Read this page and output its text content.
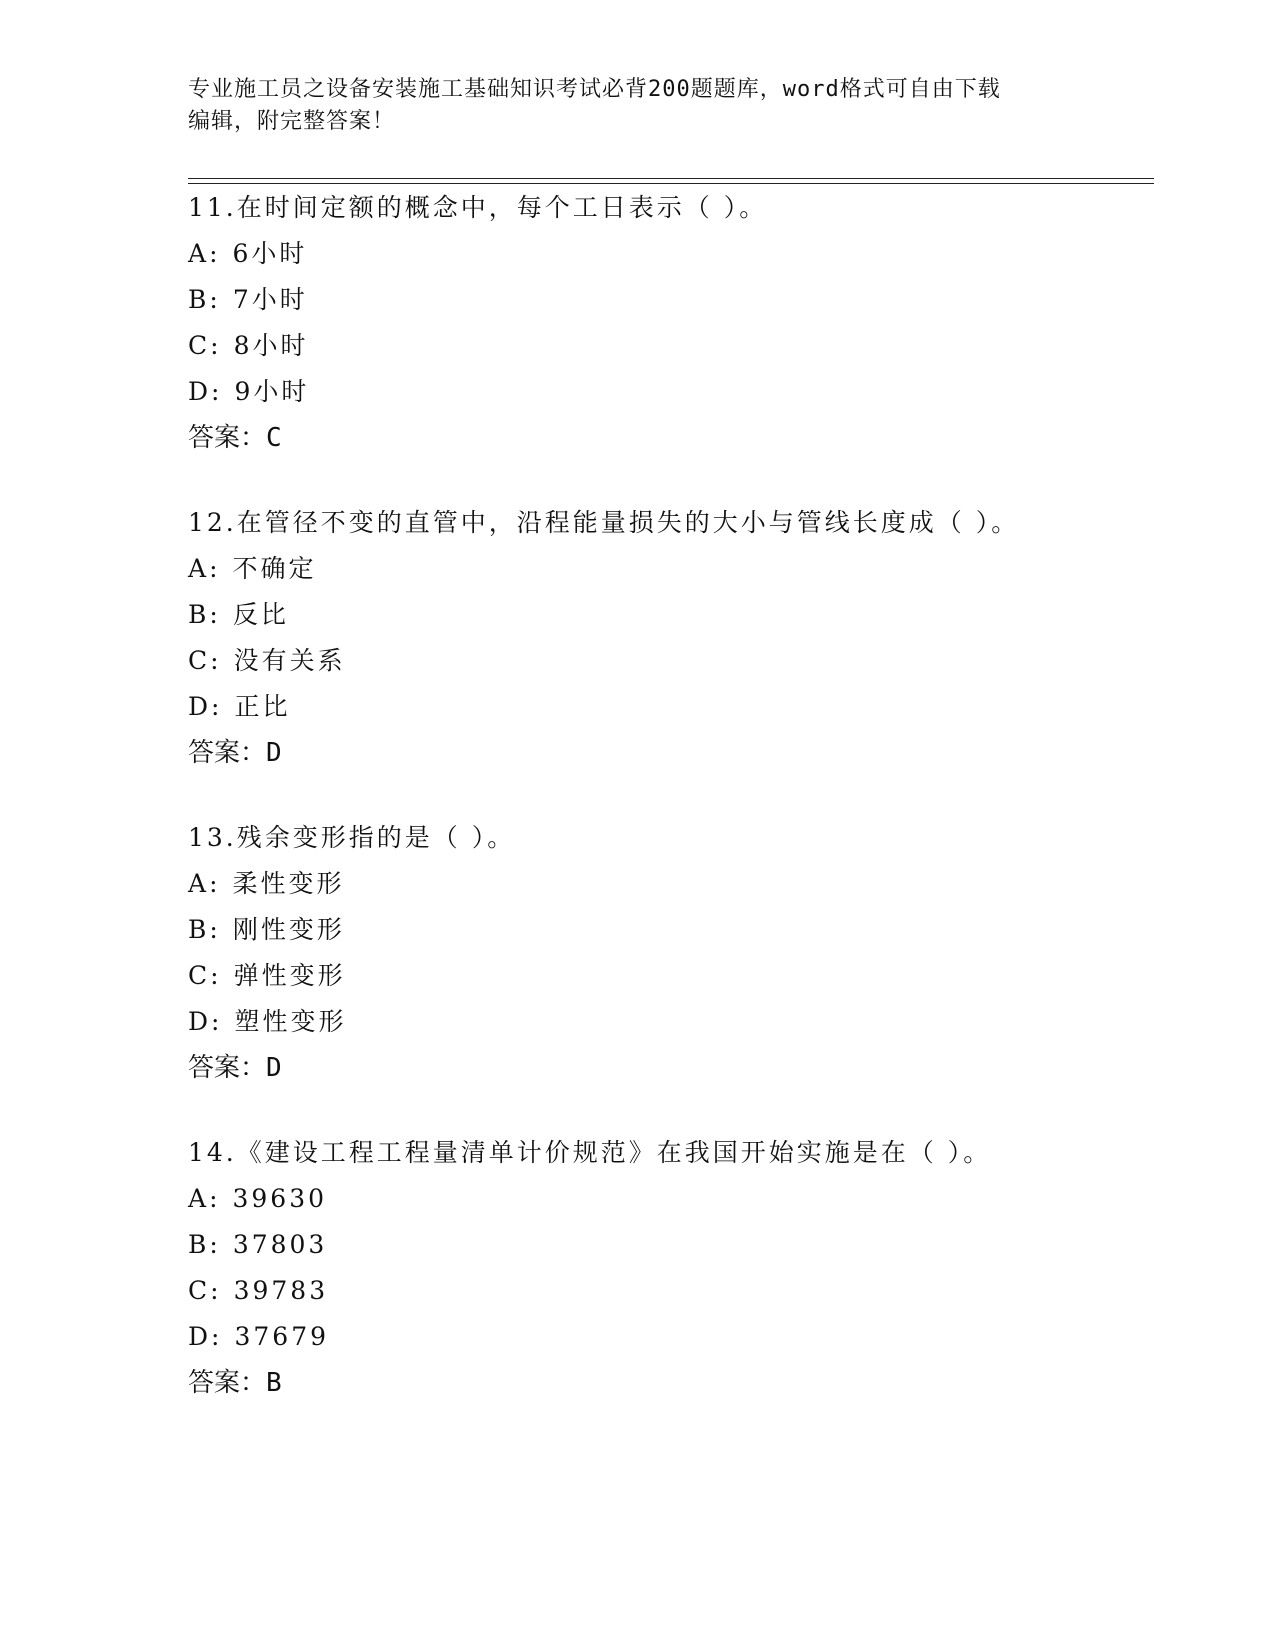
专业施工员之设备安装施工基础知识考试必背200题题库，word格式可自由下载
编辑，附完整答案！
11.在时间定额的概念中，每个工日表示（ ）。
A: 6小时
B: 7小时
C: 8小时
D: 9小时
答案：C
12.在管径不变的直管中，沿程能量损失的大小与管线长度成（ ）。
A: 不确定
B: 反比
C: 没有关系
D: 正比
答案：D
13.残余变形指的是（ ）。
A: 柔性变形
B: 刚性变形
C: 弹性变形
D: 塑性变形
答案：D
14.《建设工程工程量清单计价规范》在我国开始实施是在（ ）。
A: 39630
B: 37803
C: 39783
D: 37679
答案：B
